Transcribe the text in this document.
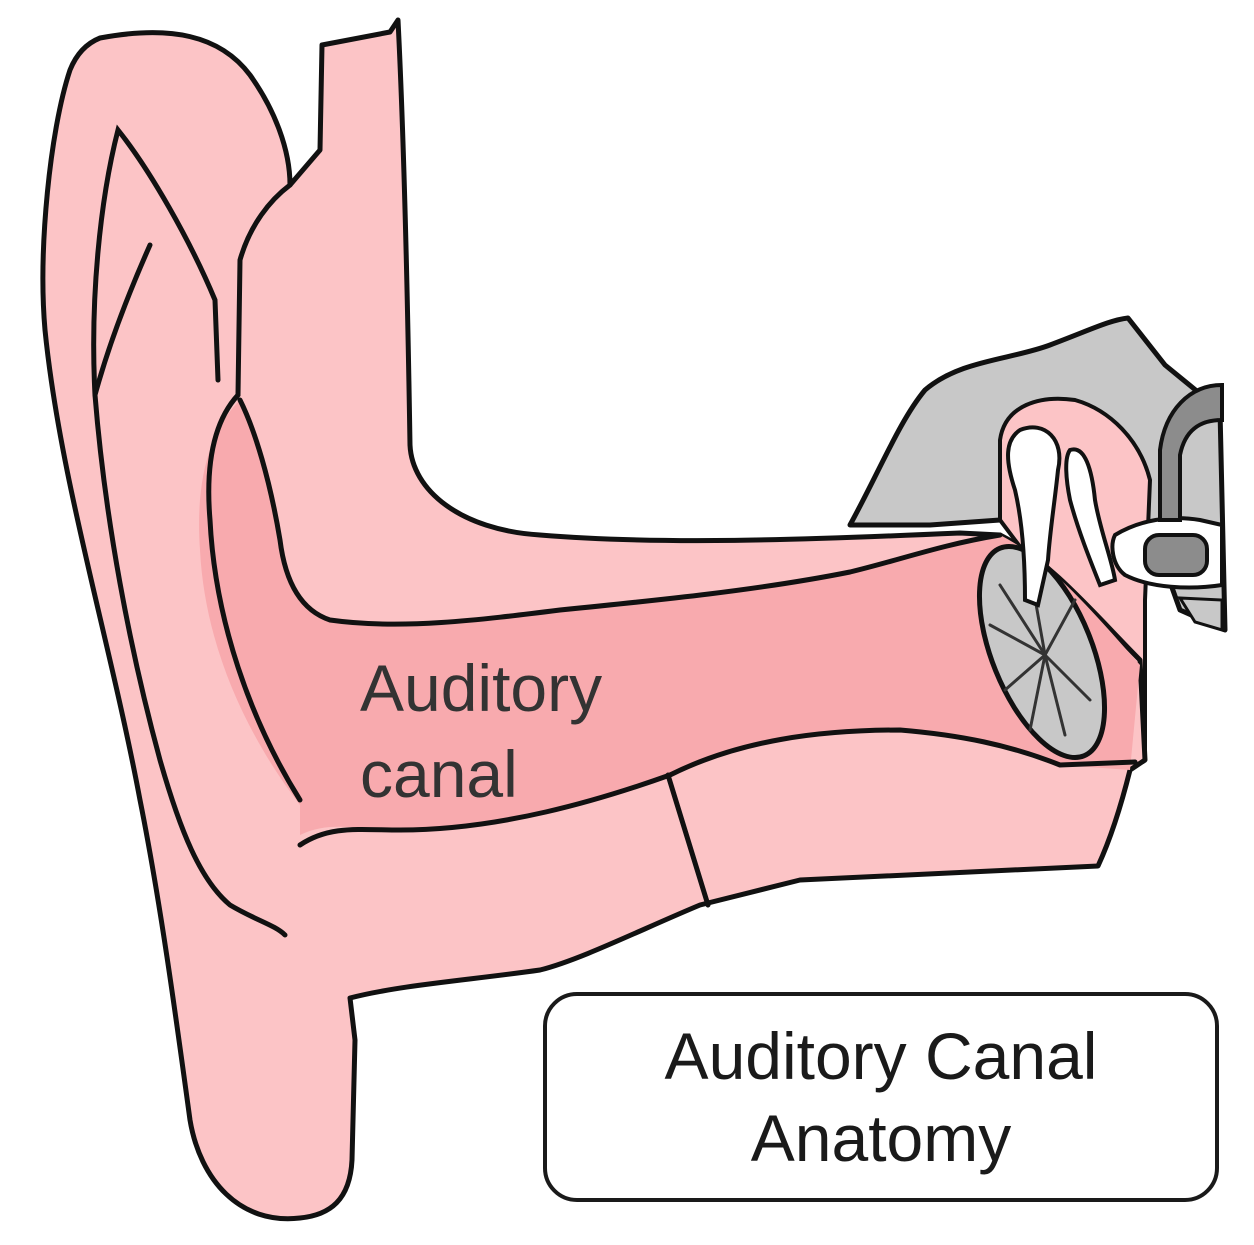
Auditory
canal
Auditory Canal
Anatomy
